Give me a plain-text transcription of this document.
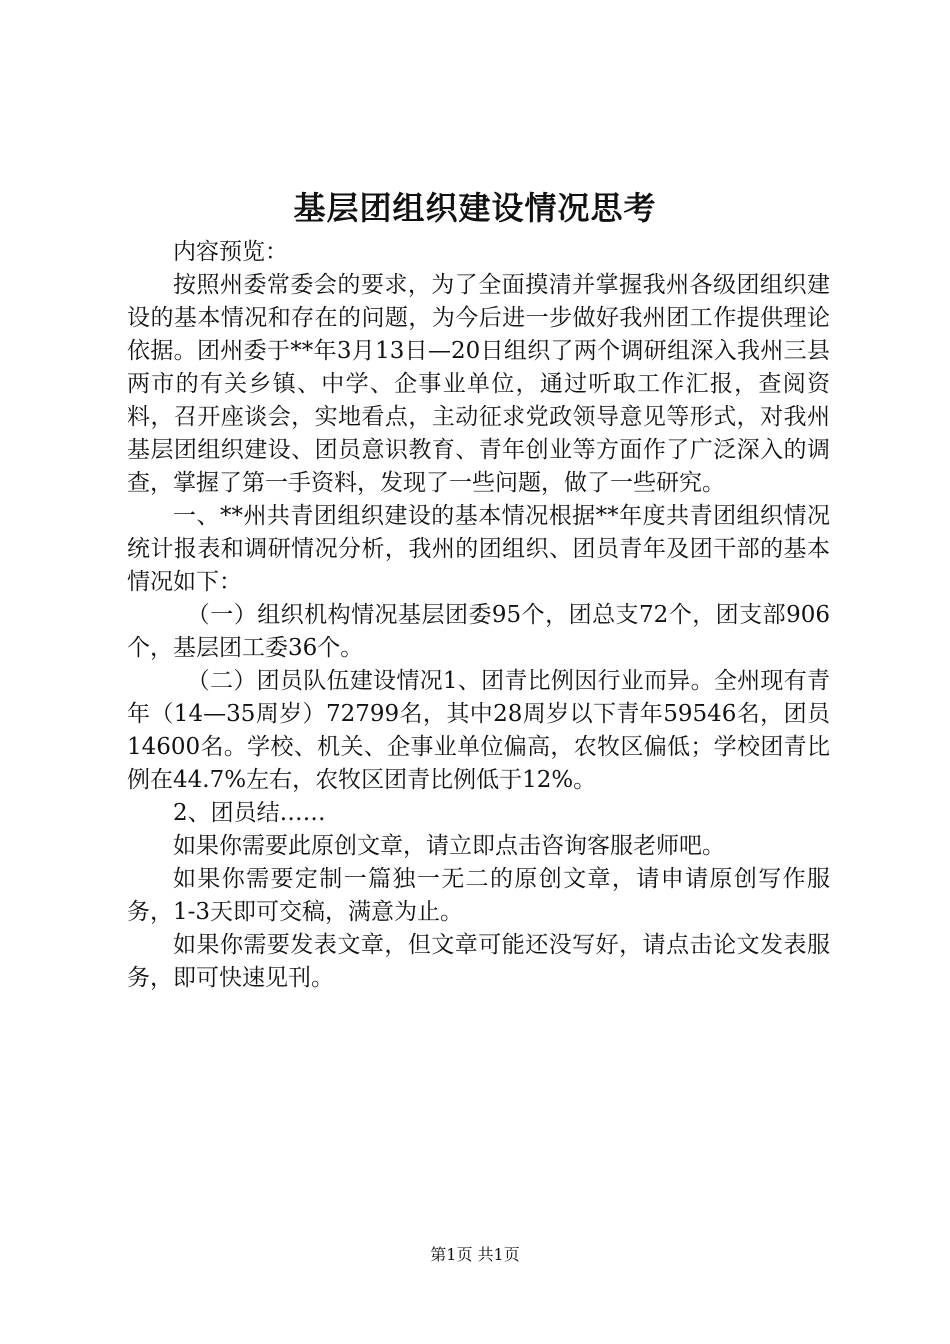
基层团组织建设情况思考

内容预览：

按照州委常委会的要求，为了全面摸清并掌握我州各级团组织建设的基本情况和存在的问题，为今后进一步做好我州团工作提供理论依据。团州委于**年3月13日—20日组织了两个调研组深入我州三县两市的有关乡镇、中学、企事业单位，通过听取工作汇报，查阅资料，召开座谈会，实地看点，主动征求党政领导意见等形式，对我州基层团组织建设、团员意识教育、青年创业等方面作了广泛深入的调查，掌握了第一手资料，发现了一些问题，做了一些研究。

一、**州共青团组织建设的基本情况根据**年度共青团组织情况统计报表和调研情况分析，我州的团组织、团员青年及团干部的基本情况如下：

（一）组织机构情况基层团委95个，团总支72个，团支部906个，基层团工委36个。

（二）团员队伍建设情况1、团青比例因行业而异。全州现有青年（14—35周岁）72799名，其中28周岁以下青年59546名，团员14600名。学校、机关、企事业单位偏高，农牧区偏低；学校团青比例在44.7%左右，农牧区团青比例低于12%。

2、团员结……

如果你需要此原创文章，请立即点击咨询客服老师吧。

如果你需要定制一篇独一无二的原创文章，请申请原创写作服务，1-3天即可交稿，满意为止。

如果你需要发表文章，但文章可能还没写好，请点击论文发表服务，即可快速见刊。

第1页 共1页
